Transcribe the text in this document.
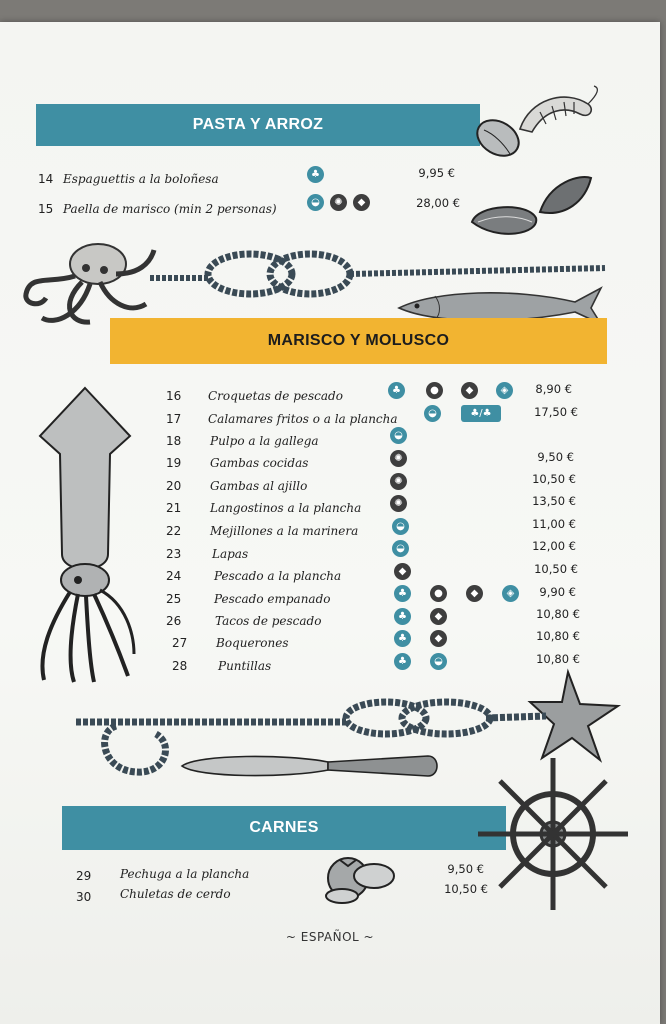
PASTA Y ARROZ
14 Espaguettis a la boloñesa	♣	9,95 €
15 Paella de marisco (min 2 personas)	◒	✺	◆	28,00 €
MARISCO Y MOLUSCO
16 Croquetas de pescado	♣	●	◆	◈	8,90 €
17 Calamares fritos o a la plancha	◒	♣/♣	17,50 €
18 Pulpo a la gallega	◒
19 Gambas cocidas	✺	9,50 €
20 Gambas al ajillo	✺	10,50 €
21 Langostinos a la plancha	✺	13,50 €
22 Mejillones a la marinera	◒	11,00 €
23	Lapas	◒	12,00 €
24	Pescado a la plancha	◆	10,50 €
25	Pescado empanado	♣	●	◆	◈	9,90 €
26	Tacos de pescado	♣	◆	10,80 €
27 Boquerones	♣	◆	10,80 €
28	Puntillas	♣	◒	10,80 €
CARNES
29 Pechuga a la plancha	9,50 €
30 Chuletas de cerdo	10,50 €
~ ESPAÑOL ~
